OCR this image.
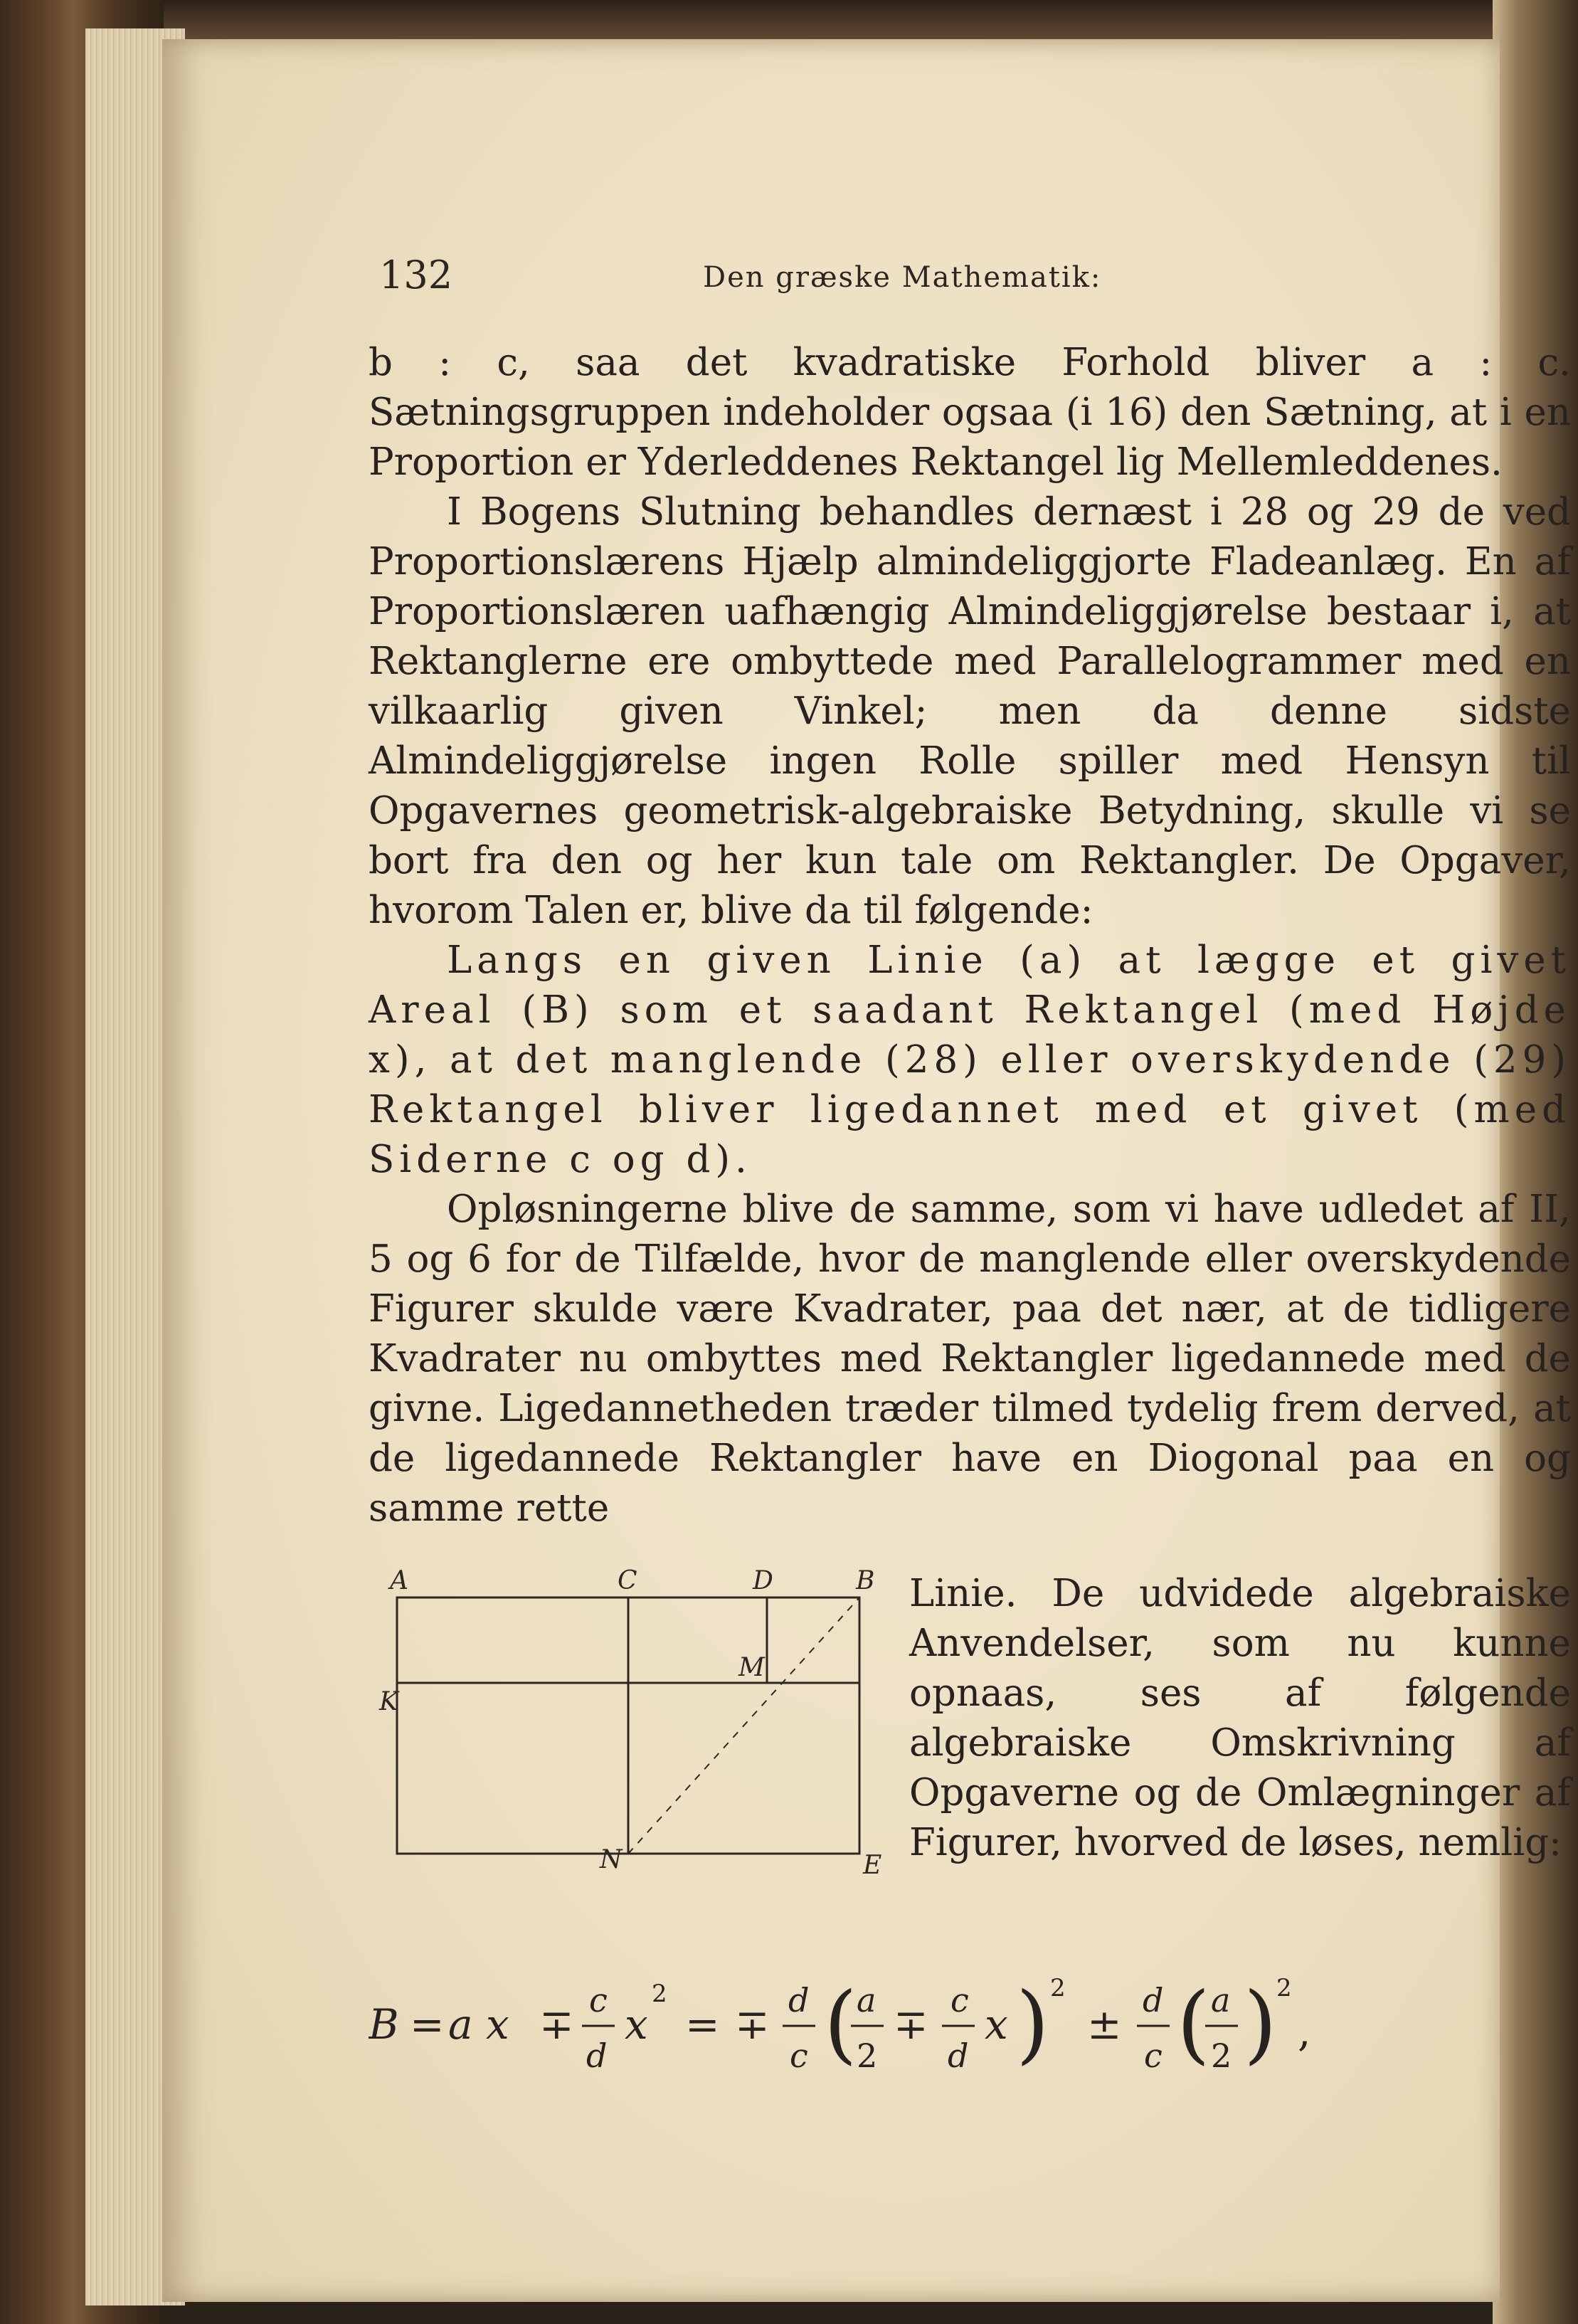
132	Den græske Mathematik:

b : c, saa det kvadratiske Forhold bliver a : c. Sætningsgruppen indeholder ogsaa (i 16) den Sætning, at i en Proportion er Yderleddenes Rektangel lig Mellemleddenes.

I Bogens Slutning behandles dernæst i 28 og 29 de ved Proportionslærens Hjælp almindeliggjorte Fladeanlæg. En af Proportionslæren uafhængig Almindeliggjørelse bestaar i, at Rektanglerne ere ombyttede med Parallelogrammer med en vilkaarlig given Vinkel; men da denne sidste Almindeliggjørelse ingen Rolle spiller med Hensyn til Opgavernes geometrisk-algebraiske Betydning, skulle vi se bort fra den og her kun tale om Rektangler. De Opgaver, hvorom Talen er, blive da til følgende:

Langs en given Linie (a) at lægge et givet Areal (B) som et saadant Rektangel (med Højde x), at det manglende (28) eller overskydende (29) Rektangel bliver ligedannet med et givet (med Siderne c og d).

Opløsningerne blive de samme, som vi have udledet af II, 5 og 6 for de Tilfælde, hvor de manglende eller overskydende Figurer skulde være Kvadrater, paa det nær, at de tidligere Kvadrater nu ombyttes med Rektangler ligedannede med de givne. Ligedannetheden træder tilmed tydelig frem derved, at de ligedannede Rektangler have en Diogonal paa en og samme rette

A	C	D	B
K
M
N	E

Linie. De udvidede algebraiske Anvendelser, som nu kunne opnaas, ses af følgende algebraiske Omskrivning af Opgaverne og de Omlægninger af Figurer, hvorved de løses, nemlig:

B = a x ∓ c
d
x
2
= ∓ d
c ( a
2
∓ c
d
x ) 2
± d
c ( a
2 ) 2
,
